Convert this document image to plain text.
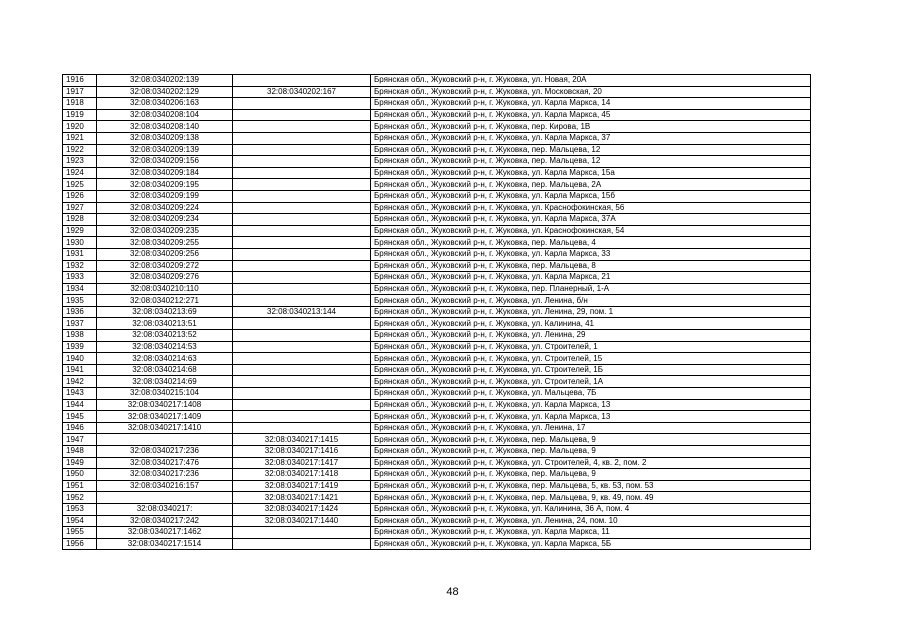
1916	32:08:0340202:139		Брянская обл., Жуковский р-н, г. Жуковка, ул. Новая, 20А
1917	32:08:0340202:129	32:08:0340202:167	Брянская обл., Жуковский р-н, г. Жуковка, ул. Московская, 20
1918	32:08:0340206:163		Брянская обл., Жуковский р-н, г. Жуковка, ул. Карла Маркса, 14
1919	32:08:0340208:104		Брянская обл., Жуковский р-н, г. Жуковка, ул. Карла Маркса, 45
1920	32:08:0340208:140		Брянская обл., Жуковский р-н, г. Жуковка, пер. Кирова, 1В
1921	32:08:0340209:138		Брянская обл., Жуковский р-н, г. Жуковка, ул. Карла Маркса, 37
1922	32:08:0340209:139		Брянская обл., Жуковский р-н, г. Жуковка, пер. Мальцева, 12
1923	32:08:0340209:156		Брянская обл., Жуковский р-н, г. Жуковка, пер. Мальцева, 12
1924	32:08:0340209:184		Брянская обл., Жуковский р-н, г. Жуковка, ул. Карла Маркса, 15а
1925	32:08:0340209:195		Брянская обл., Жуковский р-н, г. Жуковка, пер. Мальцева, 2А
1926	32:08:0340209:199		Брянская обл., Жуковский р-н, г. Жуковка, ул. Карла Маркса, 15б
1927	32:08:0340209:224		Брянская обл., Жуковский р-н, г. Жуковка, ул. Краснофокинская, 56
1928	32:08:0340209:234		Брянская обл., Жуковский р-н, г. Жуковка, ул. Карла Маркса, 37А
1929	32:08:0340209:235		Брянская обл., Жуковский р-н, г. Жуковка, ул. Краснофокинская, 54
1930	32:08:0340209:255		Брянская обл., Жуковский р-н, г. Жуковка, пер. Мальцева, 4
1931	32:08:0340209:256		Брянская обл., Жуковский р-н, г. Жуковка, ул. Карла Маркса, 33
1932	32:08:0340209:272		Брянская обл., Жуковский р-н, г. Жуковка, пер. Мальцева, 8
1933	32:08:0340209:276		Брянская обл., Жуковский р-н, г. Жуковка, ул. Карла Маркса, 21
1934	32:08:0340210:110		Брянская обл., Жуковский р-н, г. Жуковка, пер. Планерный, 1-А
1935	32:08:0340212:271		Брянская обл., Жуковский р-н, г. Жуковка, ул. Ленина, б/н
1936	32:08:0340213:69	32:08:0340213:144	Брянская обл., Жуковский р-н, г. Жуковка, ул. Ленина, 29, пом. 1
1937	32:08:0340213:51		Брянская обл., Жуковский р-н, г. Жуковка, ул. Калинина, 41
1938	32:08:0340213:52		Брянская обл., Жуковский р-н, г. Жуковка, ул. Ленина, 29
1939	32:08:0340214:53		Брянская обл., Жуковский р-н, г. Жуковка, ул. Строителей, 1
1940	32:08:0340214:63		Брянская обл., Жуковский р-н, г. Жуковка, ул. Строителей, 15
1941	32:08:0340214:68		Брянская обл., Жуковский р-н, г. Жуковка, ул. Строителей, 1Б
1942	32:08:0340214:69		Брянская обл., Жуковский р-н, г. Жуковка, ул. Строителей, 1А
1943	32:08:0340215:104		Брянская обл., Жуковский р-н, г. Жуковка, ул. Мальцева, 7Б
1944	32:08:0340217:1408		Брянская обл., Жуковский р-н, г. Жуковка, ул. Карла Маркса, 13
1945	32:08:0340217:1409		Брянская обл., Жуковский р-н, г. Жуковка, ул. Карла Маркса, 13
1946	32:08:0340217:1410		Брянская обл., Жуковский р-н, г. Жуковка, ул. Ленина, 17
1947		32:08:0340217:1415	Брянская обл., Жуковский р-н, г. Жуковка, пер. Мальцева, 9
1948	32:08:0340217:236	32:08:0340217:1416	Брянская обл., Жуковский р-н, г. Жуковка, пер. Мальцева, 9
1949	32:08:0340217:476	32:08:0340217:1417	Брянская обл., Жуковский р-н, г. Жуковка, ул. Строителей, 4, кв. 2, пом. 2
1950	32:08:0340217:236	32:08:0340217:1418	Брянская обл., Жуковский р-н, г. Жуковка, пер. Мальцева, 9
1951	32:08:0340216:157	32:08:0340217:1419	Брянская обл., Жуковский р-н, г. Жуковка, пер. Мальцева, 5, кв. 53, пом. 53
1952		32:08:0340217:1421	Брянская обл., Жуковский р-н, г. Жуковка, пер. Мальцева, 9, кв. 49, пом. 49
1953	32:08:0340217:	32:08:0340217:1424	Брянская обл., Жуковский р-н, г. Жуковка, ул. Калинина, 36 А, пом. 4
1954	32:08:0340217:242	32:08:0340217:1440	Брянская обл., Жуковский р-н, г. Жуковка, ул. Ленина, 24, пом. 10
1955	32:08:0340217:1462		Брянская обл., Жуковский р-н, г. Жуковка, ул. Карла Маркса, 11
1956	32:08:0340217:1514		Брянская обл., Жуковский р-н, г. Жуковка, ул. Карла Маркса, 5Б
48
